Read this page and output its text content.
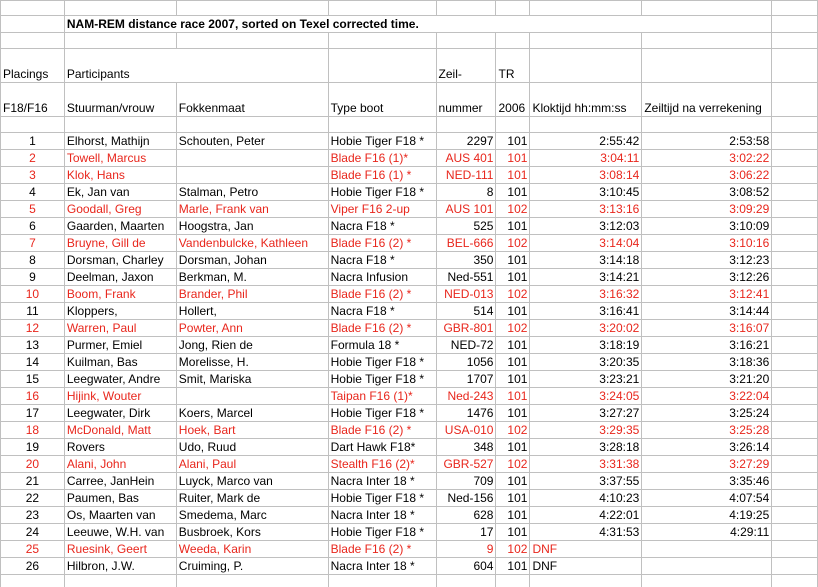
	NAM-REM distance race 2007, sorted on Texel corrected time.							

Placings	Participants			Zeil-	TR			
F18/F16	Stuurman/vrouw	Fokkenmaat	Type boot	nummer	2006	Kloktijd hh:mm:ss	Zeiltijd na verrekening	

1	Elhorst, Mathijn	Schouten, Peter	Hobie Tiger F18 *	2297	101	2:55:42	2:53:58	
2	Towell, Marcus		Blade F16 (1)*	AUS 401	101	3:04:11	3:02:22	
3	Klok, Hans		Blade F16 (1) *	NED-111	101	3:08:14	3:06:22	
4	Ek, Jan van	Stalman, Petro	Hobie Tiger F18 *	8	101	3:10:45	3:08:52	
5	Goodall, Greg	Marle, Frank van	Viper F16 2-up	AUS 101	102	3:13:16	3:09:29	
6	Gaarden, Maarten	Hoogstra, Jan	Nacra F18 *	525	101	3:12:03	3:10:09	
7	Bruyne, Gill de	Vandenbulcke, Kathleen	Blade F16 (2) *	BEL-666	102	3:14:04	3:10:16	
8	Dorsman, Charley	Dorsman, Johan	Nacra F18 *	350	101	3:14:18	3:12:23	
9	Deelman, Jaxon	Berkman, M.	Nacra Infusion	Ned-551	101	3:14:21	3:12:26	
10	Boom, Frank	Brander, Phil	Blade F16 (2) *	NED-013	102	3:16:32	3:12:41	
11	Kloppers,	Hollert,	Nacra F18 *	514	101	3:16:41	3:14:44	
12	Warren, Paul	Powter, Ann	Blade F16 (2) *	GBR-801	102	3:20:02	3:16:07	
13	Purmer, Emiel	Jong, Rien de	Formula 18 *	NED-72	101	3:18:19	3:16:21	
14	Kuilman, Bas	Morelisse, H.	Hobie Tiger F18 *	1056	101	3:20:35	3:18:36	
15	Leegwater, Andre	Smit, Mariska	Hobie Tiger F18 *	1707	101	3:23:21	3:21:20	
16	Hijink, Wouter		Taipan F16 (1)*	Ned-243	101	3:24:05	3:22:04	
17	Leegwater, Dirk	Koers, Marcel	Hobie Tiger F18 *	1476	101	3:27:27	3:25:24	
18	McDonald, Matt	Hoek, Bart	Blade F16 (2) *	USA-010	102	3:29:35	3:25:28	
19	Rovers	Udo, Ruud	Dart Hawk F18*	348	101	3:28:18	3:26:14	
20	Alani, John	Alani, Paul	Stealth F16 (2)*	GBR-527	102	3:31:38	3:27:29	
21	Carree, JanHein	Luyck, Marco van	Nacra Inter 18 *	709	101	3:37:55	3:35:46	
22	Paumen, Bas	Ruiter, Mark de	Hobie Tiger F18 *	Ned-156	101	4:10:23	4:07:54	
23	Os, Maarten van	Smedema, Marc	Nacra Inter 18 *	628	101	4:22:01	4:19:25	
24	Leeuwe, W.H. van	Busbroek, Kors	Hobie Tiger F18 *	17	101	4:31:53	4:29:11	
25	Ruesink, Geert	Weeda, Karin	Blade F16 (2) *	9	102	DNF		
26	Hilbron, J.W.	Cruiming, P.	Nacra Inter 18 *	604	101	DNF		
